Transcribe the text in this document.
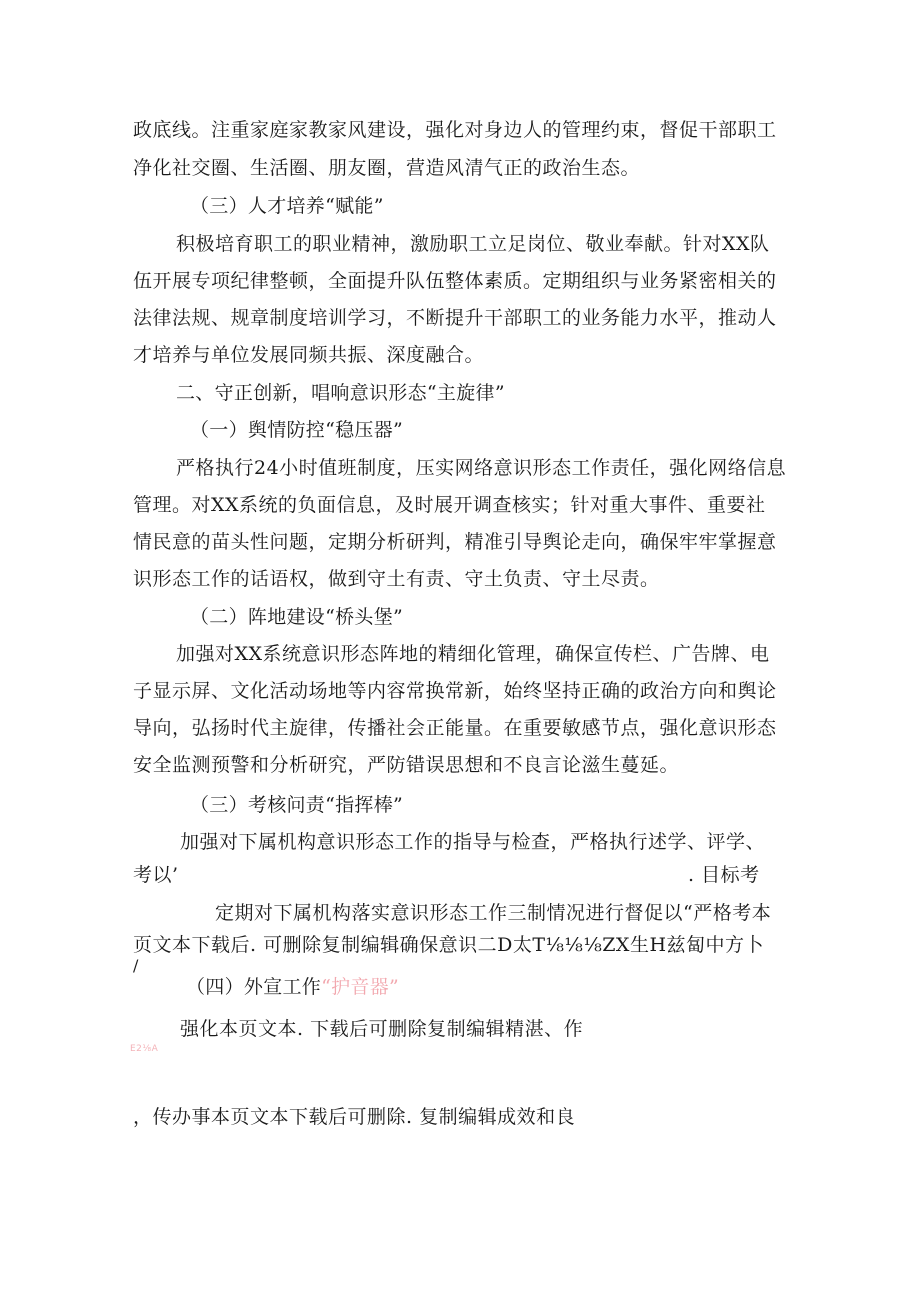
政底线。注重家庭家教家风建设，强化对身边人的管理约束，督促干部职工
净化社交圈、生活圈、朋友圈，营造风清气正的政治生态。
（三）人才培养“赋能”
积极培育职工的职业精神，激励职工立足岗位、敬业奉献。针对XX队
伍开展专项纪律整顿，全面提升队伍整体素质。定期组织与业务紧密相关的
法律法规、规章制度培训学习，不断提升干部职工的业务能力水平，推动人
才培养与单位发展同频共振、深度融合。
二、守正创新，唱响意识形态“主旋律”
（一）舆情防控“稳压器”
严格执行24小时值班制度，压实网络意识形态工作责任，强化网络信息
管理。对XX系统的负面信息，及时展开调查核实；针对重大事件、重要社
情民意的苗头性问题，定期分析研判，精准引导舆论走向，确保牢牢掌握意
识形态工作的话语权，做到守土有责、守土负责、守土尽责。
（二）阵地建设“桥头堡”
加强对XX系统意识形态阵地的精细化管理，确保宣传栏、广告牌、电
子显示屏、文化活动场地等内容常换常新，始终坚持正确的政治方向和舆论
导向，弘扬时代主旋律，传播社会正能量。在重要敏感节点，强化意识形态
安全监测预警和分析研究，严防错误思想和不良言论滋生蔓延。
（三）考核问责“指挥棒”
加强对下属机构意识形态工作的指导与检查，严格执行述学、评学、
考以’	. 目标考
定期对下属机构落实意识形态工作三制情况进行督促以“严格考本
页文本下载后. 可删除复制编辑确保意识二D太T⅛⅛⅛ZX生H兹匐中方卜
/
（四）外宣工作“护音器”
强化本页文本. 下载后可删除复制编辑精湛、作
E2⅛A
，传办事本页文本下载后可删除. 复制编辑成效和良
